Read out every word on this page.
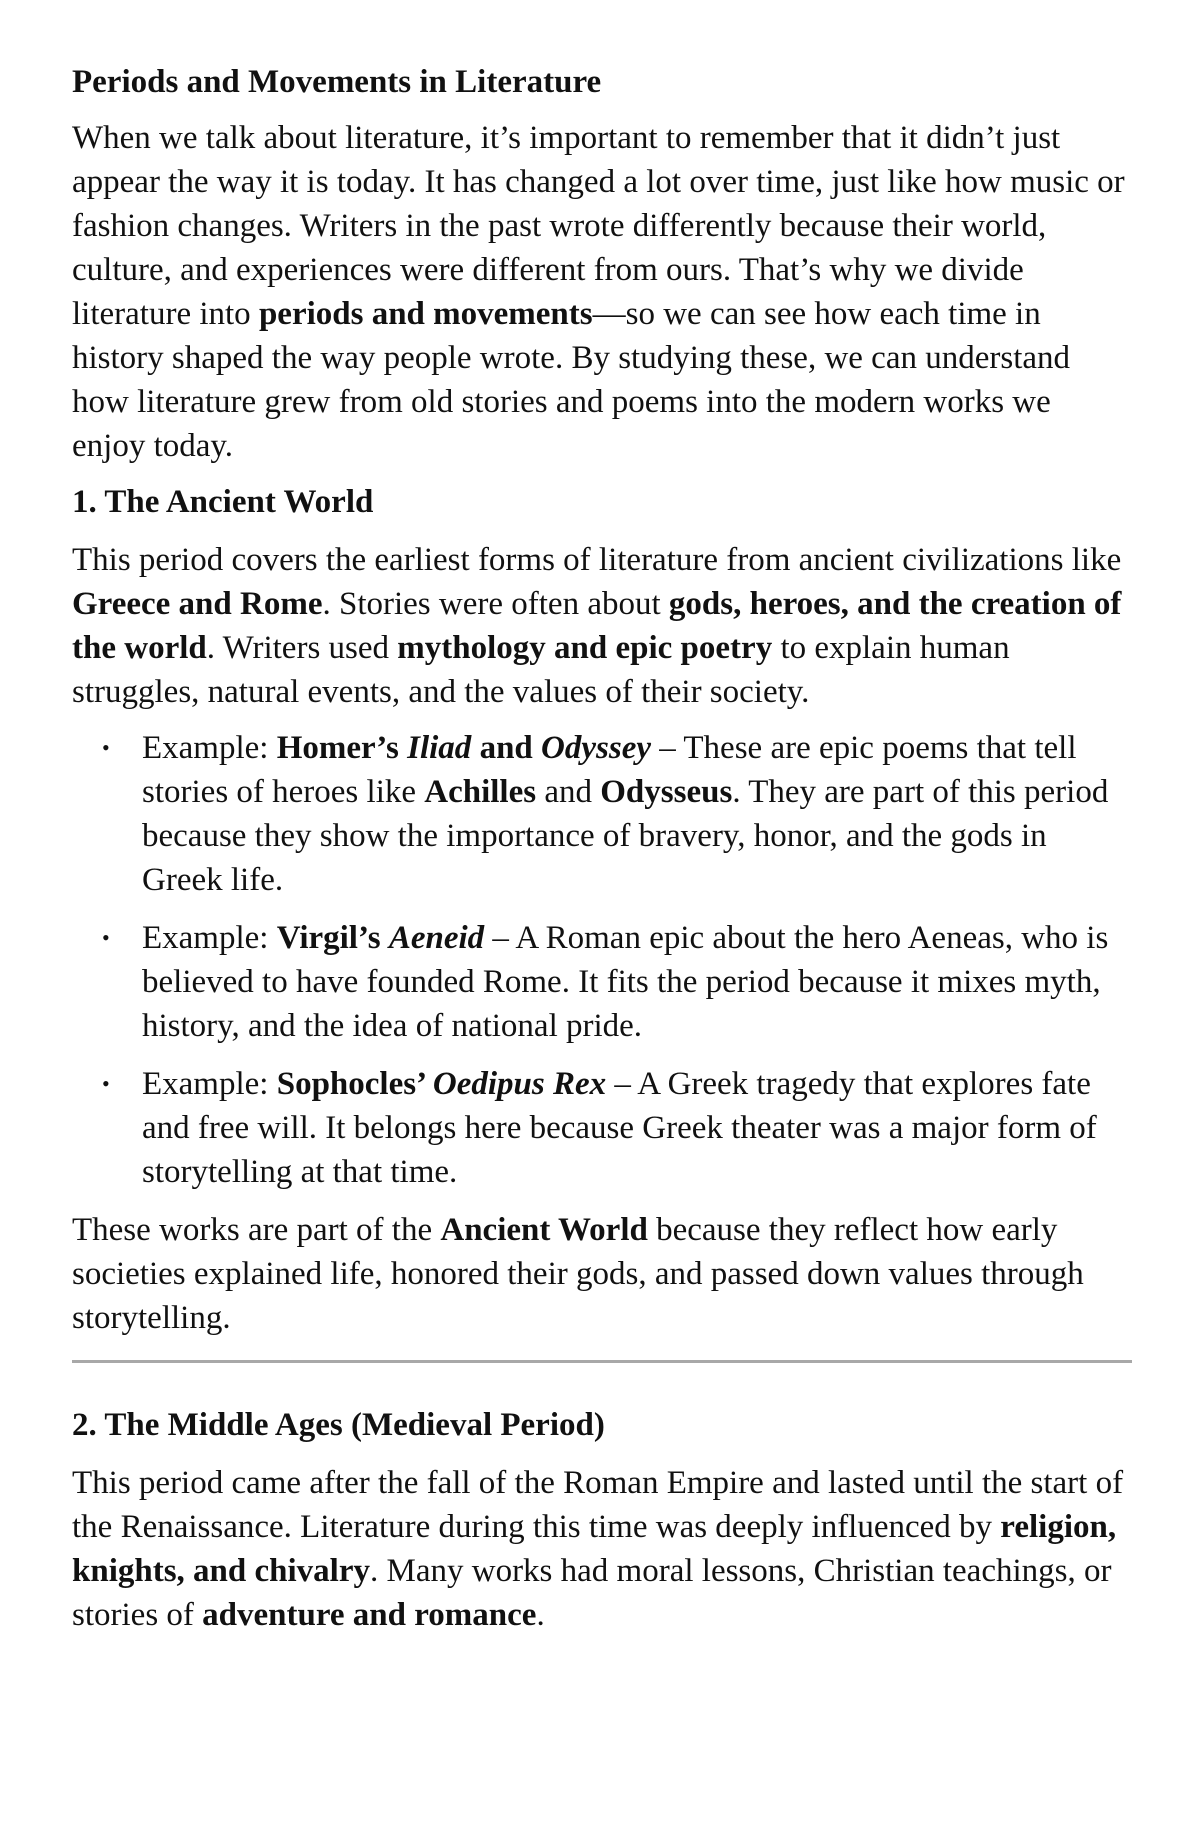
Periods and Movements in Literature

When we talk about literature, it’s important to remember that it didn’t just appear the way it is today. It has changed a lot over time, just like how music or fashion changes. Writers in the past wrote differently because their world, culture, and experiences were different from ours. That’s why we divide literature into periods and movements—so we can see how each time in history shaped the way people wrote. By studying these, we can understand how literature grew from old stories and poems into the modern works we enjoy today.

1. The Ancient World

This period covers the earliest forms of literature from ancient civilizations like Greece and Rome. Stories were often about gods, heroes, and the creation of the world. Writers used mythology and epic poetry to explain human struggles, natural events, and the values of their society.

• Example: Homer’s Iliad and Odyssey – These are epic poems that tell stories of heroes like Achilles and Odysseus. They are part of this period because they show the importance of bravery, honor, and the gods in Greek life.
• Example: Virgil’s Aeneid – A Roman epic about the hero Aeneas, who is believed to have founded Rome. It fits the period because it mixes myth, history, and the idea of national pride.
• Example: Sophocles’ Oedipus Rex – A Greek tragedy that explores fate and free will. It belongs here because Greek theater was a major form of storytelling at that time.

These works are part of the Ancient World because they reflect how early societies explained life, honored their gods, and passed down values through storytelling.

2. The Middle Ages (Medieval Period)

This period came after the fall of the Roman Empire and lasted until the start of the Renaissance. Literature during this time was deeply influenced by religion, knights, and chivalry. Many works had moral lessons, Christian teachings, or stories of adventure and romance.
